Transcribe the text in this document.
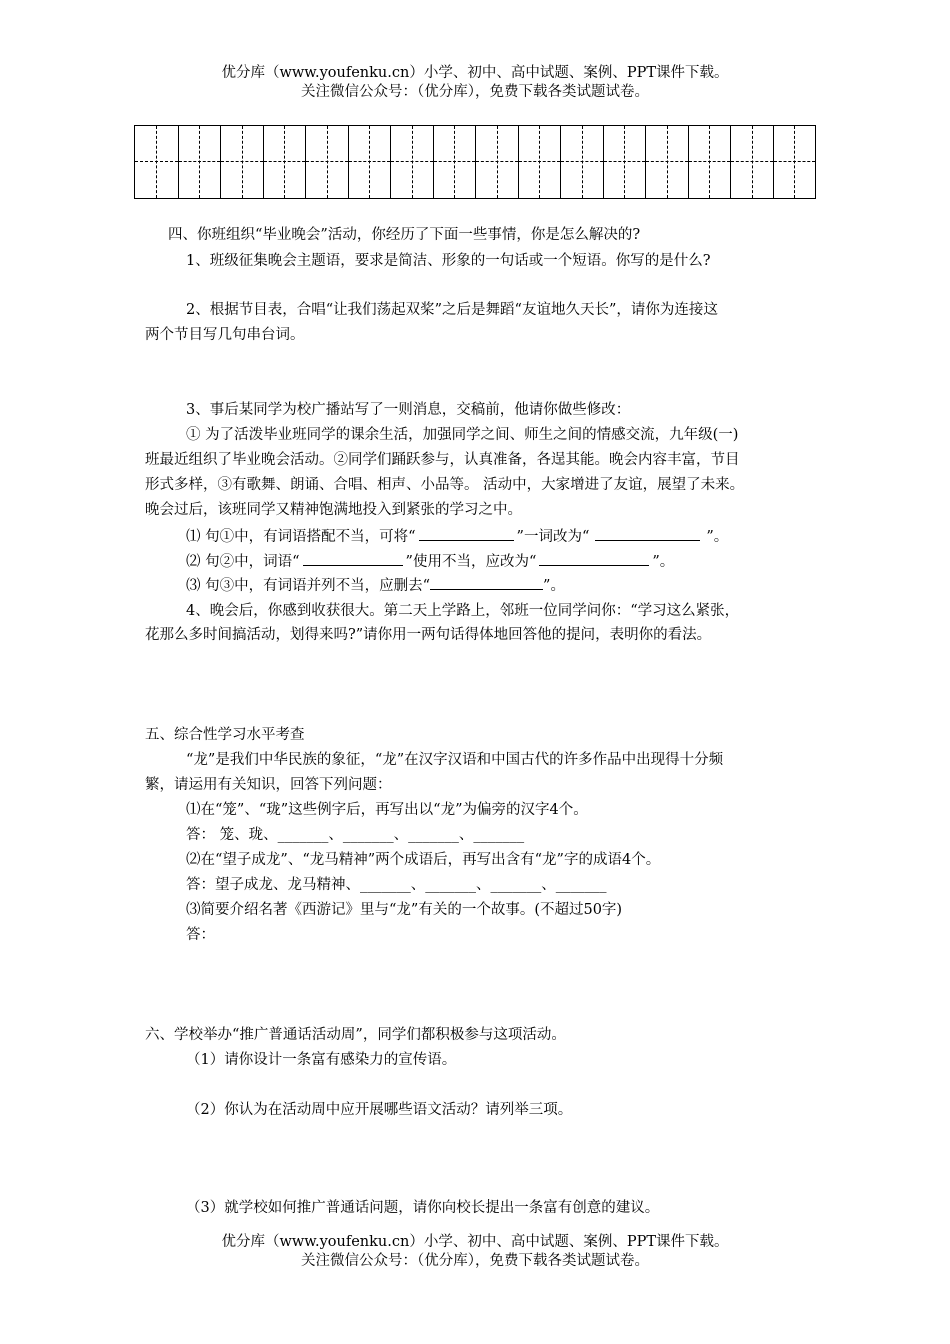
优分库（www.youfenku.cn）小学、初中、高中试题、案例、PPT课件下载。
关注微信公众号：（优分库），免费下载各类试题试卷。
四、你班组织“毕业晚会”活动，你经历了下面一些事情，你是怎么解决的?
1、班级征集晚会主题语，要求是简洁、形象的一句话或一个短语。你写的是什么?
2、根据节目表，合唱“让我们荡起双桨”之后是舞蹈“友谊地久天长”，请你为连接这
两个节目写几句串台词。
3、事后某同学为校广播站写了一则消息，交稿前，他请你做些修改：
① 为了活泼毕业班同学的课余生活，加强同学之间、师生之间的情感交流，九年级(一)
班最近组织了毕业晚会活动。②同学们踊跃参与，认真准备，各逞其能。晚会内容丰富，节目
形式多样，③有歌舞、朗诵、合唱、相声、小品等。 活动中，大家增进了友谊，展望了未来。
晚会过后，该班同学又精神饱满地投入到紧张的学习之中。
⑴ 句①中，有词语搭配不当，可将“	”一词改为“	”。
⑵ 句②中，词语“	”使用不当，应改为“	”。
⑶ 句③中，有词语并列不当，应删去“	”。
4、晚会后，你感到收获很大。第二天上学路上，邻班一位同学问你：“学习这么紧张，
花那么多时间搞活动，划得来吗?”请你用一两句话得体地回答他的提问，表明你的看法。
五、综合性学习水平考查
“龙”是我们中华民族的象征，“龙”在汉字汉语和中国古代的许多作品中出现得十分频
繁，请运用有关知识，回答下列问题：
⑴在“笼”、“珑”这些例字后，再写出以“龙”为偏旁的汉字4个。
答： 笼、珑、_______、_______、_______、_______
⑵在“望子成龙”、“龙马精神”两个成语后，再写出含有“龙”字的成语4个。
答：望子成龙、龙马精神、_______、_______、_______、_______
⑶简要介绍名著《西游记》里与“龙”有关的一个故事。(不超过50字)
答：
六、学校举办“推广普通话活动周”，同学们都积极参与这项活动。
（1）请你设计一条富有感染力的宣传语。
（2）你认为在活动周中应开展哪些语文活动？请列举三项。
（3）就学校如何推广普通话问题，请你向校长提出一条富有创意的建议。
优分库（www.youfenku.cn）小学、初中、高中试题、案例、PPT课件下载。
关注微信公众号：（优分库），免费下载各类试题试卷。
